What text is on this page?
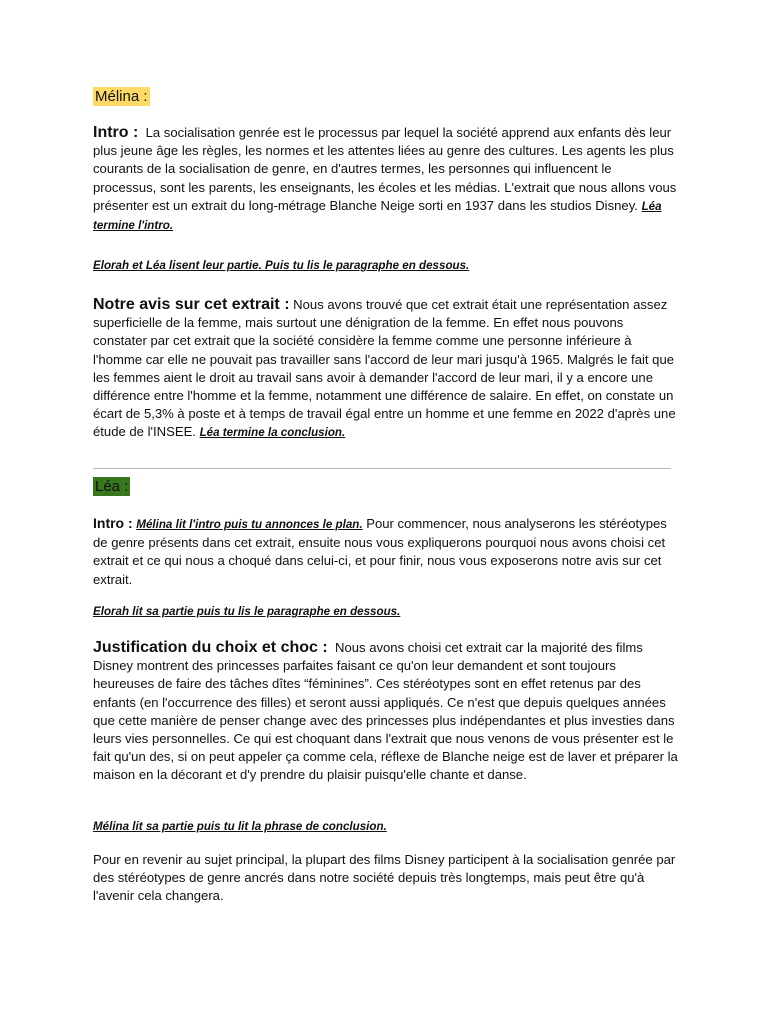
Mélina :

Intro : La socialisation genrée est le processus par lequel la société apprend aux enfants dès leur plus jeune âge les règles, les normes et les attentes liées au genre des cultures. Les agents les plus courants de la socialisation de genre, en d'autres termes, les personnes qui influencent le processus, sont les parents, les enseignants, les écoles et les médias. L'extrait que nous allons vous présenter est un extrait du long-métrage Blanche Neige sorti en 1937 dans les studios Disney. Léa termine l'intro.

Elorah et Léa lisent leur partie. Puis tu lis le paragraphe en dessous.

Notre avis sur cet extrait : Nous avons trouvé que cet extrait était une représentation assez superficielle de la femme, mais surtout une dénigration de la femme. En effet nous pouvons constater par cet extrait que la société considère la femme comme une personne inférieure à l'homme car elle ne pouvait pas travailler sans l'accord de leur mari jusqu'à 1965. Malgrés le fait que les femmes aient le droit au travail sans avoir à demander l'accord de leur mari, il y a encore une différence entre l'homme et la femme, notamment une différence de salaire. En effet, on constate un écart de 5,3% à poste et à temps de travail égal entre un homme et une femme en 2022 d'après une étude de l'INSEE. Léa termine la conclusion.

Léa :

Intro : Mélina lit l'intro puis tu annonces le plan. Pour commencer, nous analyserons les stéréotypes de genre présents dans cet extrait, ensuite nous vous expliquerons pourquoi nous avons choisi cet extrait et ce qui nous a choqué dans celui-ci, et pour finir, nous vous exposerons notre avis sur cet extrait.

Elorah lit sa partie puis tu lis le paragraphe en dessous.

Justification du choix et choc : Nous avons choisi cet extrait car la majorité des films Disney montrent des princesses parfaites faisant ce qu'on leur demandent et sont toujours heureuses de faire des tâches dîtes “féminines”. Ces stéréotypes sont en effet retenus par des enfants (en l'occurrence des filles) et seront aussi appliqués. Ce n'est que depuis quelques années que cette manière de penser change avec des princesses plus indépendantes et plus investies dans leurs vies personnelles. Ce qui est choquant dans l'extrait que nous venons de vous présenter est le fait qu'un des, si on peut appeler ça comme cela, réflexe de Blanche neige est de laver et préparer la maison en la décorant et d'y prendre du plaisir puisqu'elle chante et danse.

Mélina lit sa partie puis tu lit la phrase de conclusion.

Pour en revenir au sujet principal, la plupart des films Disney participent à la socialisation genrée par des stéréotypes de genre ancrés dans notre société depuis très longtemps, mais peut être qu'à l'avenir cela changera.
